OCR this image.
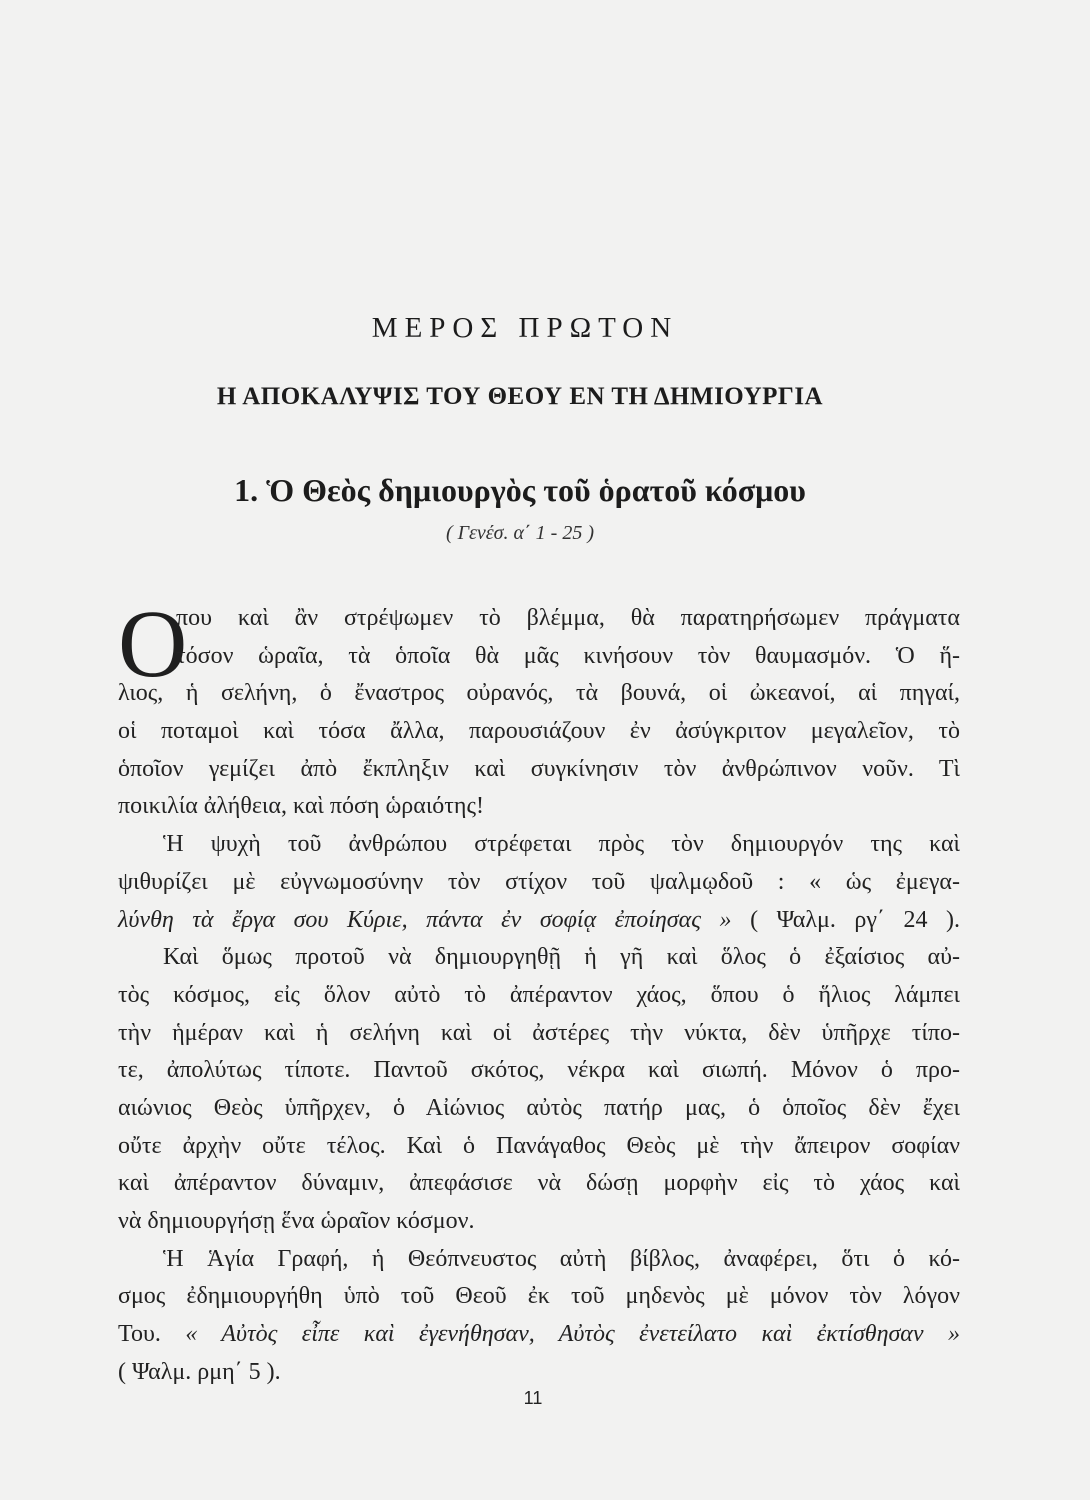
ΜΕΡΟΣ ΠΡΩΤΟΝ
Η ΑΠΟΚΑΛΥΨΙΣ ΤΟΥ ΘΕΟΥ ΕΝ ΤΗ ΔΗΜΙΟΥΡΓΙΑ
1. Ὁ Θεὸς δημιουργὸς τοῦ ὁρατοῦ κόσμου
( Γενέσ. α΄ 1 - 25 )
Ο
που καὶ ἂν στρέψωμεν τὸ βλέμμα, θὰ παρατηρήσωμεν πράγματα
τόσον ὡραῖα, τὰ ὁποῖα θὰ μᾶς κινήσουν τὸν θαυμασμόν. Ὁ ἥ-
λιος, ἡ σελήνη, ὁ ἔναστρος οὐρανός, τὰ βουνά, οἱ ὠκεανοί, αἱ πηγαί,
οἱ ποταμοὶ καὶ τόσα ἄλλα, παρουσιάζουν ἐν ἀσύγκριτον μεγαλεῖον, τὸ
ὁποῖον γεμίζει ἀπὸ ἔκπληξιν καὶ συγκίνησιν τὸν ἀνθρώπινον νοῦν. Τὶ
ποικιλία ἀλήθεια, καὶ πόση ὡραιότης!
Ἡ ψυχὴ τοῦ ἀνθρώπου στρέφεται πρὸς τὸν δημιουργόν της καὶ
ψιθυρίζει μὲ εὐγνωμοσύνην τὸν στίχον τοῦ ψαλμῳδοῦ : « ὡς ἐμεγα-
λύνθη τὰ ἔργα σου Κύριε, πάντα ἐν σοφίᾳ ἐποίησας » ( Ψαλμ. ργ΄ 24 ).
Καὶ ὅμως προτοῦ νὰ δημιουργηθῇ ἡ γῆ καὶ ὅλος ὁ ἐξαίσιος αὐ-
τὸς κόσμος, εἰς ὅλον αὐτὸ τὸ ἀπέραντον χάος, ὅπου ὁ ἥλιος λάμπει
τὴν ἡμέραν καὶ ἡ σελήνη καὶ οἱ ἀστέρες τὴν νύκτα, δὲν ὑπῆρχε τίπο-
τε, ἀπολύτως τίποτε. Παντοῦ σκότος, νέκρα καὶ σιωπή. Μόνον ὁ προ-
αιώνιος Θεὸς ὑπῆρχεν, ὁ Αἰώνιος αὐτὸς πατήρ μας, ὁ ὁποῖος δὲν ἔχει
οὔτε ἀρχὴν οὔτε τέλος. Καὶ ὁ Πανάγαθος Θεὸς μὲ τὴν ἄπειρον σοφίαν
καὶ ἀπέραντον δύναμιν, ἀπεφάσισε νὰ δώσῃ μορφὴν εἰς τὸ χάος καὶ
νὰ δημιουργήσῃ ἕνα ὡραῖον κόσμον.
Ἡ Ἁγία Γραφή, ἡ Θεόπνευστος αὐτὴ βίβλος, ἀναφέρει, ὅτι ὁ κό-
σμος ἐδημιουργήθη ὑπὸ τοῦ Θεοῦ ἐκ τοῦ μηδενὸς μὲ μόνον τὸν λόγον
Του. « Αὐτὸς εἶπε καὶ ἐγενήθησαν, Αὐτὸς ἐνετείλατο καὶ ἐκτίσθησαν »
( Ψαλμ. ρμη΄ 5 ).
11
